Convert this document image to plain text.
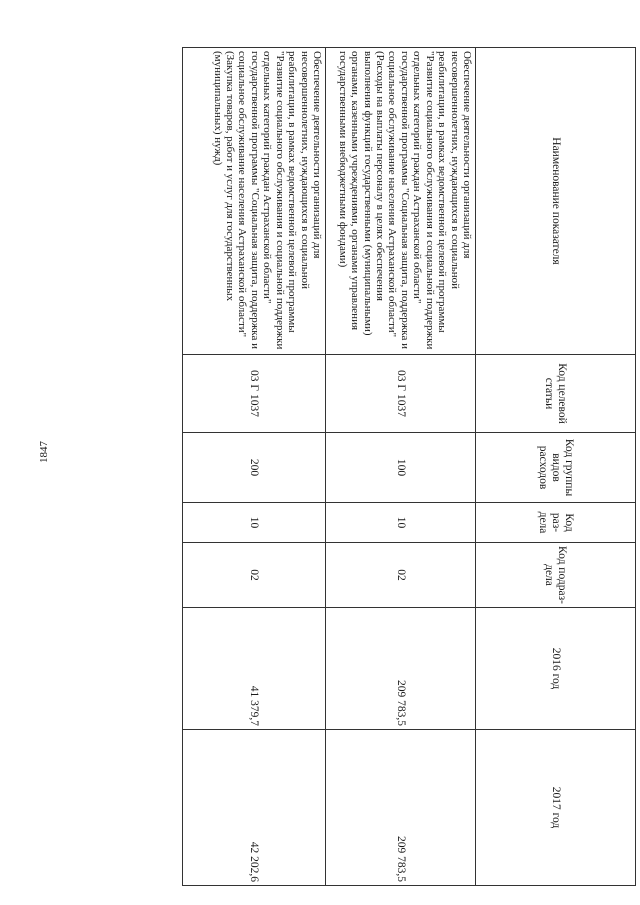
1847
Наименование показателя	Код целевой статьи	Код группы видов расходов	Код раз- дела	Код подраз- дела	2016 год	2017 год
Обеспечение деятельности организаций для несовершеннолетних, нуждающихся в социальной реабилитации, в рамках ведомственной целевой программы "Развитие социального обслуживания и социальной поддержки отдельных категорий граждан Астраханской области" государственной программы "Социальная защита, поддержка и социальное обслуживание населения Астраханской области" (Расходы на выплаты персоналу в целях обеспечения выполнения функций государственными (муниципальными) органами, казенными учреждениями, органами управления государственными внебюджетными фондами)	03 Г 1037	100	10	02	209 783,5	209 783,5
Обеспечение деятельности организаций для несовершеннолетних, нуждающихся в социальной реабилитации, в рамках ведомственной целевой программы "Развитие социального обслуживания и социальной поддержки отдельных категорий граждан Астраханской области" государственной программы "Социальная защита, поддержка и социальное обслуживание населения Астраханской области" (Закупка товаров, работ и услуг для государственных (муниципальных) нужд)	03 Г 1037	200	10	02	41 379,7	42 202,6
